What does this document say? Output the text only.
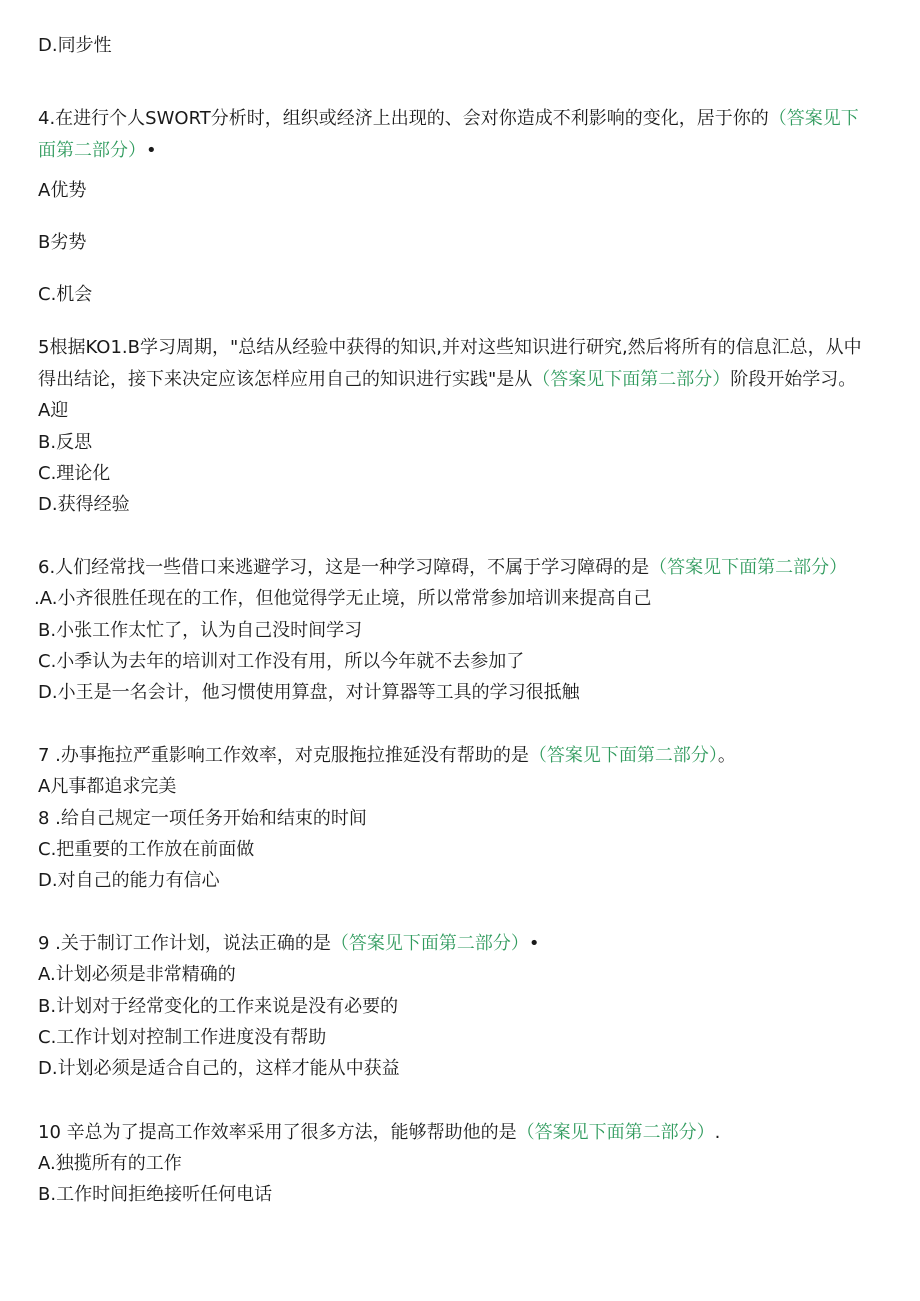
D.同步性
4.在进行个人SWORT分析时，组织或经济上出现的、会对你造成不利影响的变化，居于你的（答案见下
面第二部分）•
A优势
B劣势
C.机会
5根据KO1.B学习周期，"总结从经验中获得的知识,并对这些知识进行研究,然后将所有的信息汇总，从中
得出结论，接下来决定应该怎样应用自己的知识进行实践"是从（答案见下面第二部分）阶段开始学习。
A迎
B.反思
C.理论化
D.获得经验
6.人们经常找一些借口来逃避学习，这是一种学习障碍，不属于学习障碍的是（答案见下面第二部分）
.A.小齐很胜任现在的工作，但他觉得学无止境，所以常常参加培训来提高自己
B.小张工作太忙了，认为自己没时间学习
C.小季认为去年的培训对工作没有用，所以今年就不去参加了
D.小王是一名会计，他习惯使用算盘，对计算器等工具的学习很抵触
7 .办事拖拉严重影响工作效率，对克服拖拉推延没有帮助的是（答案见下面第二部分）。
A凡事都追求完美
8 .给自己规定一项任务开始和结束的时间
C.把重要的工作放在前面做
D.对自己的能力有信心
9 .关于制订工作计划，说法正确的是（答案见下面第二部分）•
A.计划必须是非常精确的
B.计划对于经常变化的工作来说是没有必要的
C.工作计划对控制工作进度没有帮助
D.计划必须是适合自己的，这样才能从中获益
10 辛总为了提高工作效率采用了很多方法，能够帮助他的是（答案见下面第二部分）.
A.独揽所有的工作
B.工作时间拒绝接听任何电话
